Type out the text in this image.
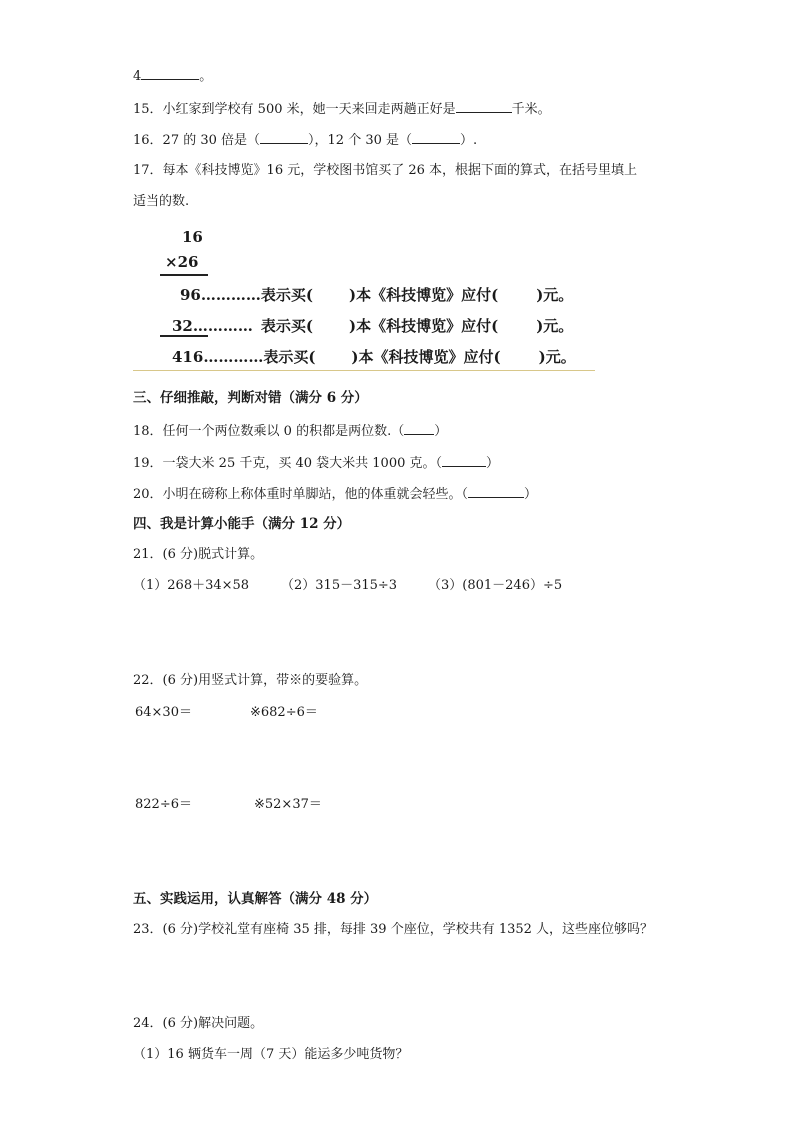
4	。
15．小红家到学校有 500 米，她一天来回走两趟正好是	千米。
16．27 的 30 倍是（	），12 个 30 是（	）.
17．每本《科技博览》16 元，学校图书馆买了 26 本，根据下面的算式，在括号里填上
适当的数.
16
×26
96…………表示买( )本《科技博览》应付(	)元。
32………… 表示买( )本《科技博览》应付(	)元。
416…………表示买( )本《科技博览》应付(	)元。
三、仔细推敲，判断对错（满分 6 分）
18．任何一个两位数乘以 0 的积都是两位数.（ ）
19．一袋大米 25 千克，买 40 袋大米共 1000 克。（	）
20．小明在磅称上称体重时单脚站，他的体重就会轻些。（	）
四、我是计算小能手（满分 12 分）
21．(6 分)脱式计算。
（1）268＋34×58 （2）315－315÷3 （3）(801－246）÷5
22．(6 分)用竖式计算，带※的要验算。
64×30＝	※682÷6＝
822÷6＝	※52×37＝
五、实践运用，认真解答（满分 48 分）
23．(6 分)学校礼堂有座椅 35 排，每排 39 个座位，学校共有 1352 人，这些座位够吗？
24．(6 分)解决问题。
（1）16 辆货车一周（7 天）能运多少吨货物？
